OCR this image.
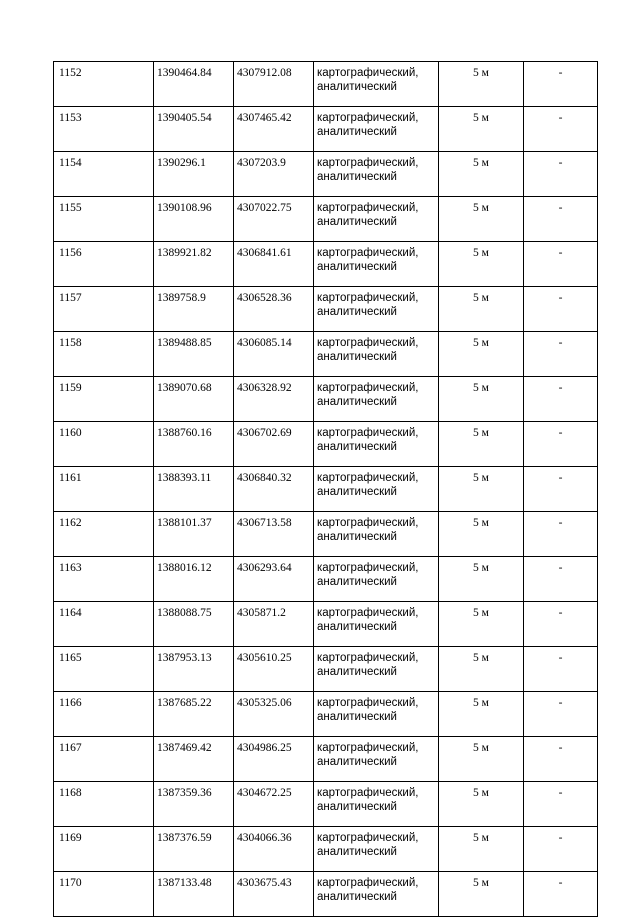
1152	1390464.84	4307912.08	картографический,
аналитический	5 м	-
1153	1390405.54	4307465.42	картографический,
аналитический	5 м	-
1154	1390296.1	4307203.9	картографический,
аналитический	5 м	-
1155	1390108.96	4307022.75	картографический,
аналитический	5 м	-
1156	1389921.82	4306841.61	картографический,
аналитический	5 м	-
1157	1389758.9	4306528.36	картографический,
аналитический	5 м	-
1158	1389488.85	4306085.14	картографический,
аналитический	5 м	-
1159	1389070.68	4306328.92	картографический,
аналитический	5 м	-
1160	1388760.16	4306702.69	картографический,
аналитический	5 м	-
1161	1388393.11	4306840.32	картографический,
аналитический	5 м	-
1162	1388101.37	4306713.58	картографический,
аналитический	5 м	-
1163	1388016.12	4306293.64	картографический,
аналитический	5 м	-
1164	1388088.75	4305871.2	картографический,
аналитический	5 м	-
1165	1387953.13	4305610.25	картографический,
аналитический	5 м	-
1166	1387685.22	4305325.06	картографический,
аналитический	5 м	-
1167	1387469.42	4304986.25	картографический,
аналитический	5 м	-
1168	1387359.36	4304672.25	картографический,
аналитический	5 м	-
1169	1387376.59	4304066.36	картографический,
аналитический	5 м	-
1170	1387133.48	4303675.43	картографический,
аналитический	5 м	-
